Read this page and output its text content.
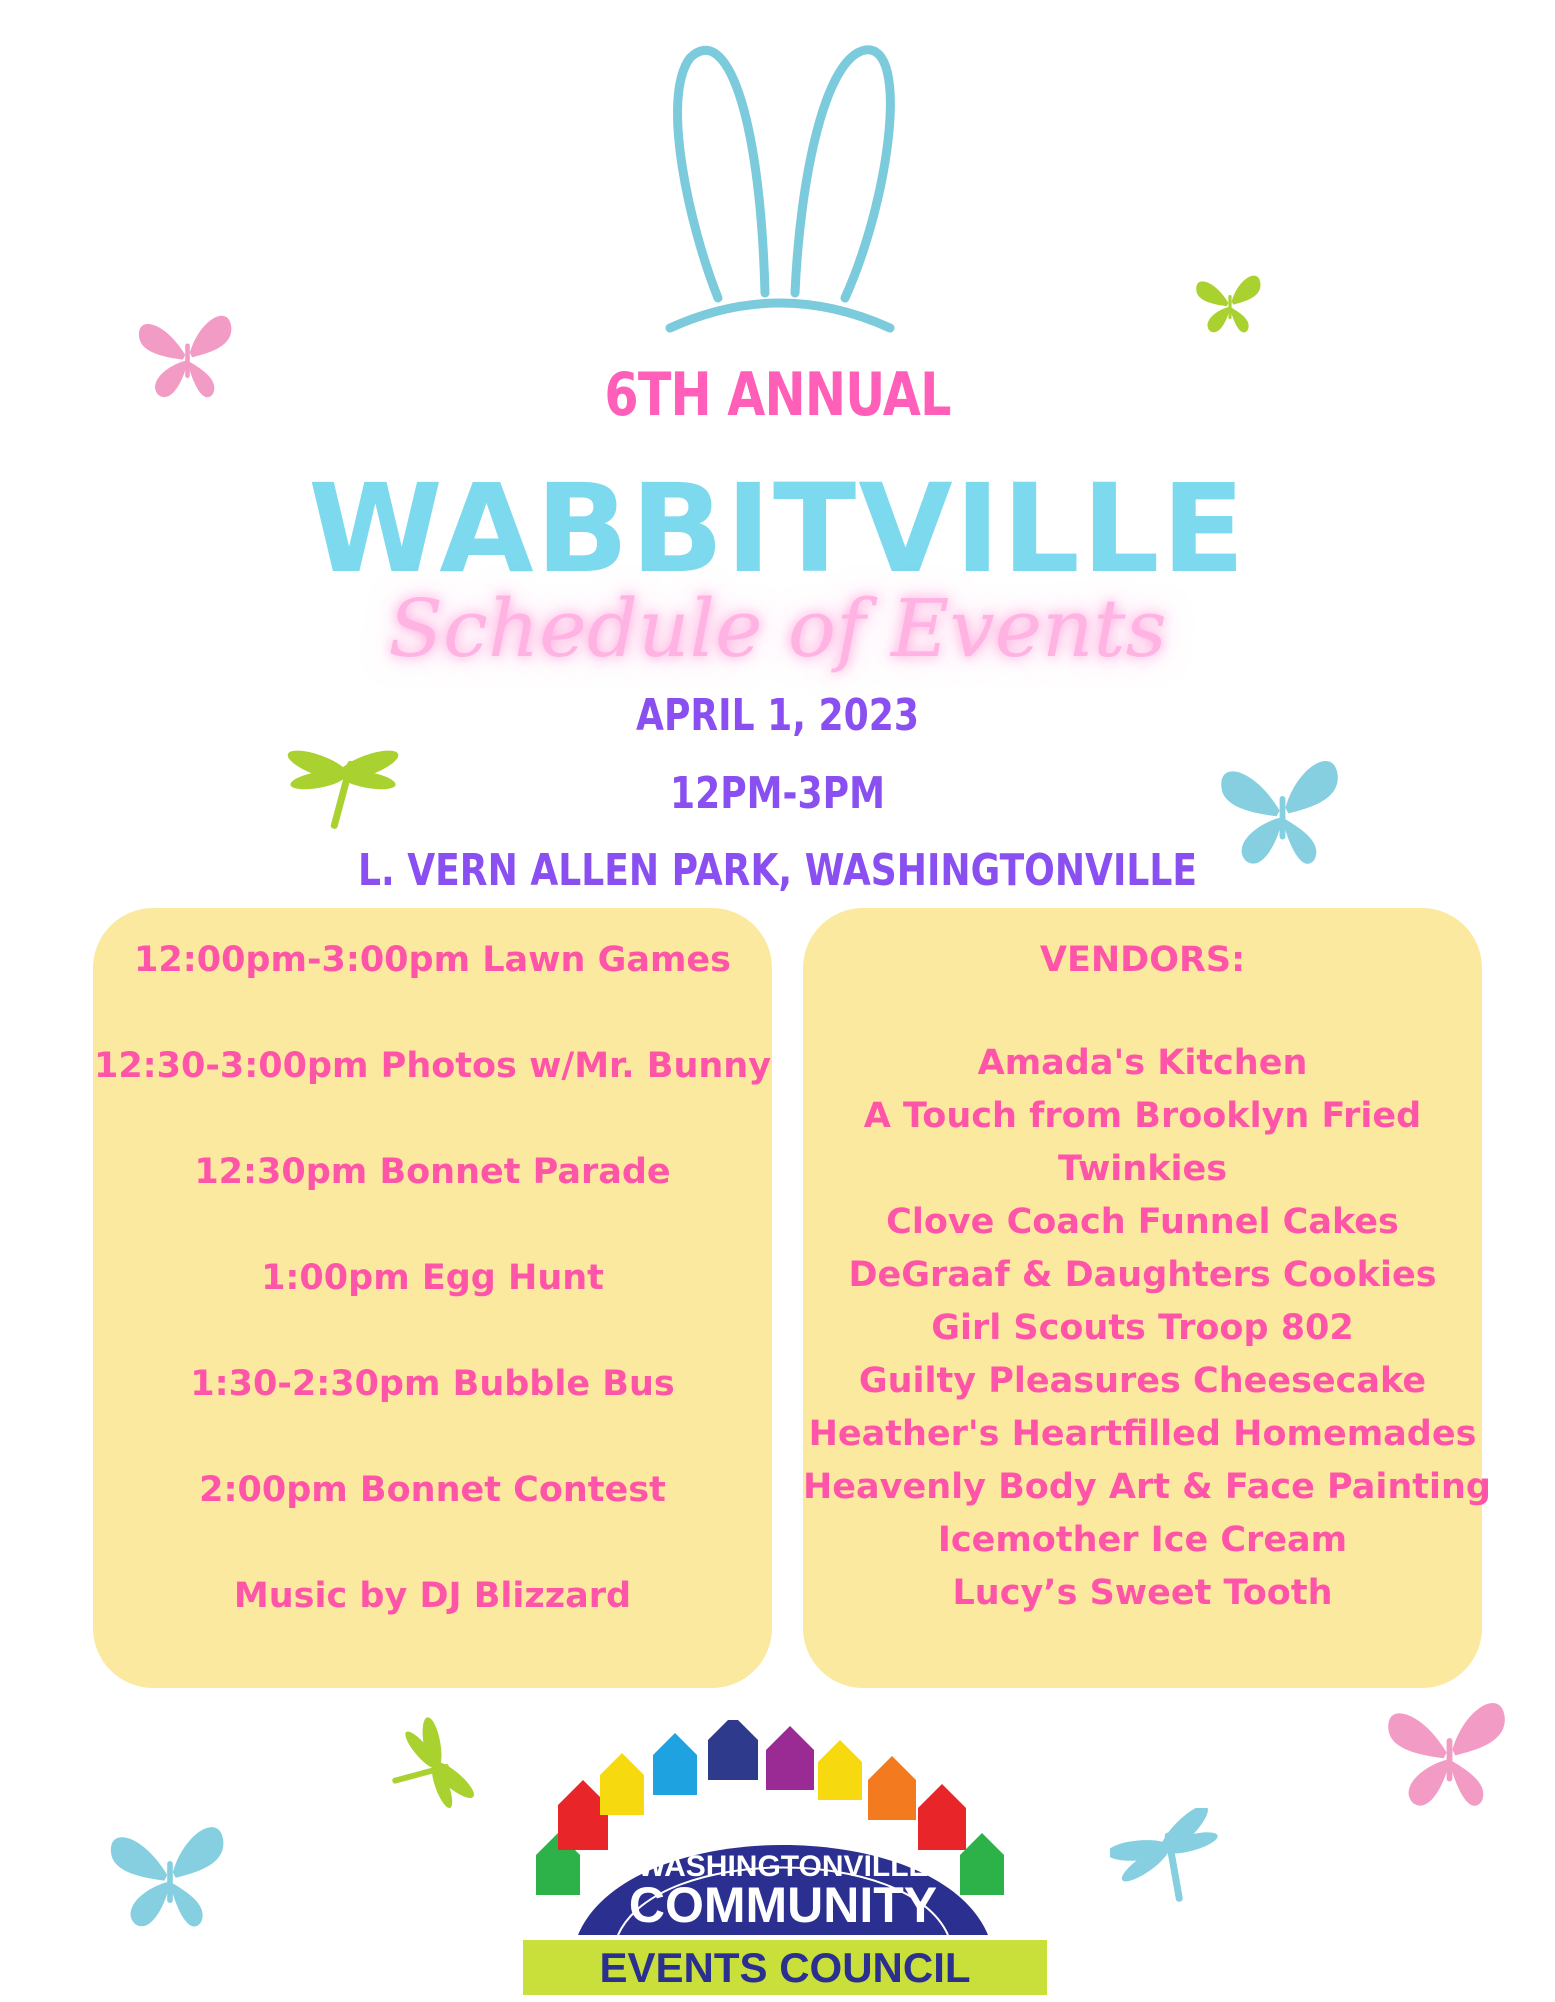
6TH ANNUAL
WABBITVILLE
Schedule of Events
APRIL 1, 2023
12PM-3PM
L. VERN ALLEN PARK, WASHINGTONVILLE
12:00pm-3:00pm Lawn Games
12:30-3:00pm Photos w/Mr. Bunny
12:30pm Bonnet Parade
1:00pm Egg Hunt
1:30-2:30pm Bubble Bus
2:00pm Bonnet Contest
Music by DJ Blizzard
VENDORS:
Amada's Kitchen
A Touch from Brooklyn Fried
Twinkies
Clove Coach Funnel Cakes
DeGraaf & Daughters Cookies
Girl Scouts Troop 802
Guilty Pleasures Cheesecake
Heather's Heartfilled Homemades
Heavenly Body Art & Face Painting
Icemother Ice Cream
Lucy’s Sweet Tooth
WASHINGTONVILLE
COMMUNITY
EVENTS COUNCIL
